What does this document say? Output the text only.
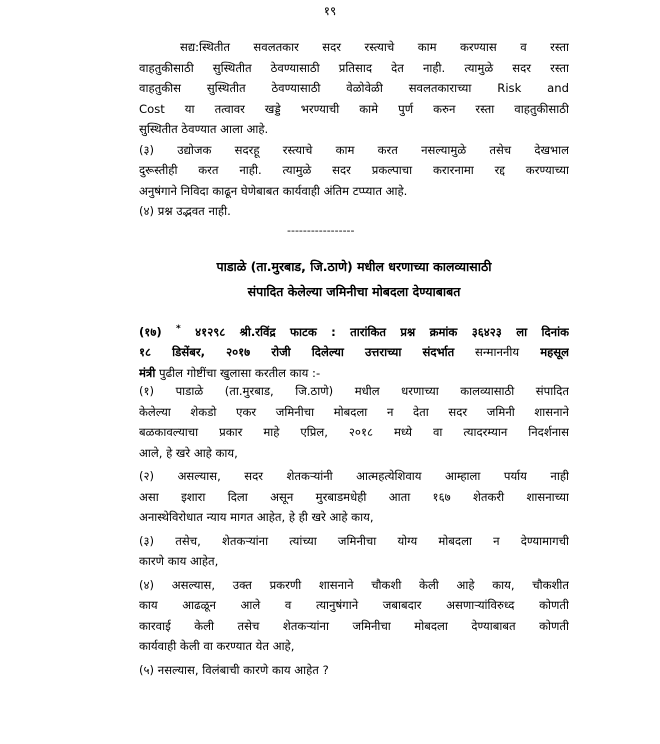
१९
सद्य:स्थितीत सवलतकार सदर रस्त्याचे काम करण्यास व रस्ता
वाहतुकीसाठी सुस्थितीत ठेवण्यासाठी प्रतिसाद देत नाही. त्यामुळे सदर रस्ता
वाहतुकीस सुस्थितीत ठेवण्यासाठी वेळोवेळी सवलतकाराच्या Risk and
Cost या तत्वावर खड्डे भरण्याची कामे पुर्ण करुन रस्ता वाहतुकीसाठी
सुस्थितीत ठेवण्यात आला आहे.
(३) उद्योजक सदरहू रस्त्याचे काम करत नसल्यामुळे तसेच देखभाल
दुरूस्तीही करत नाही. त्यामुळे सदर प्रकल्पाचा करारनामा रद्द करण्याच्या
अनुषंगाने निविदा काढून घेणेबाबत कार्यवाही अंतिम टप्प्यात आहे.
(४) प्रश्न उद्भवत नाही.
-----------------
पाडाळे (ता.मुरबाड, जि.ठाणे) मधील धरणाच्या कालव्यासाठी
संपादित केलेल्या जमिनीचा मोबदला देण्याबाबत
(१७) * ४१२९८ श्री.रविंद्र फाटक : तारांकित प्रश्न क्रमांक ३६४२३ ला दिनांक
१८ डिसेंबर, २०१७ रोजी दिलेल्या उत्तराच्या संदर्भात सन्माननीय महसूल
मंत्री पुढील गोष्टींचा खुलासा करतील काय :-
(१) पाडाळे (ता.मुरबाड, जि.ठाणे) मधील धरणाच्या कालव्यासाठी संपादित
केलेल्या शेकडो एकर जमिनीचा मोबदला न देता सदर जमिनी शासनाने
बळकावल्याचा प्रकार माहे एप्रिल, २०१८ मध्ये वा त्यादरम्यान निदर्शनास
आले, हे खरे आहे काय,
(२) असल्यास, सदर शेतकऱ्यांनी आत्महत्येशिवाय आम्हाला पर्याय नाही
असा इशारा दिला असून मुरबाडमधेही आता १६७ शेतकरी शासनाच्या
अनास्थेविरोधात न्याय मागत आहेत, हे ही खरे आहे काय,
(३) तसेच, शेतकऱ्यांना त्यांच्या जमिनीचा योग्य मोबदला न देण्यामागची
कारणे काय आहेत,
(४) असल्यास, उक्त प्रकरणी शासनाने चौकशी केली आहे काय, चौकशीत
काय आढळून आले व त्यानुषंगाने जबाबदार असणाऱ्यांविरुध्द कोणती
कारवाई केली तसेच शेतकऱ्यांना जमिनीचा मोबदला देण्याबाबत कोणती
कार्यवाही केली वा करण्यात येत आहे,
(५) नसल्यास, विलंबाची कारणे काय आहेत ?
